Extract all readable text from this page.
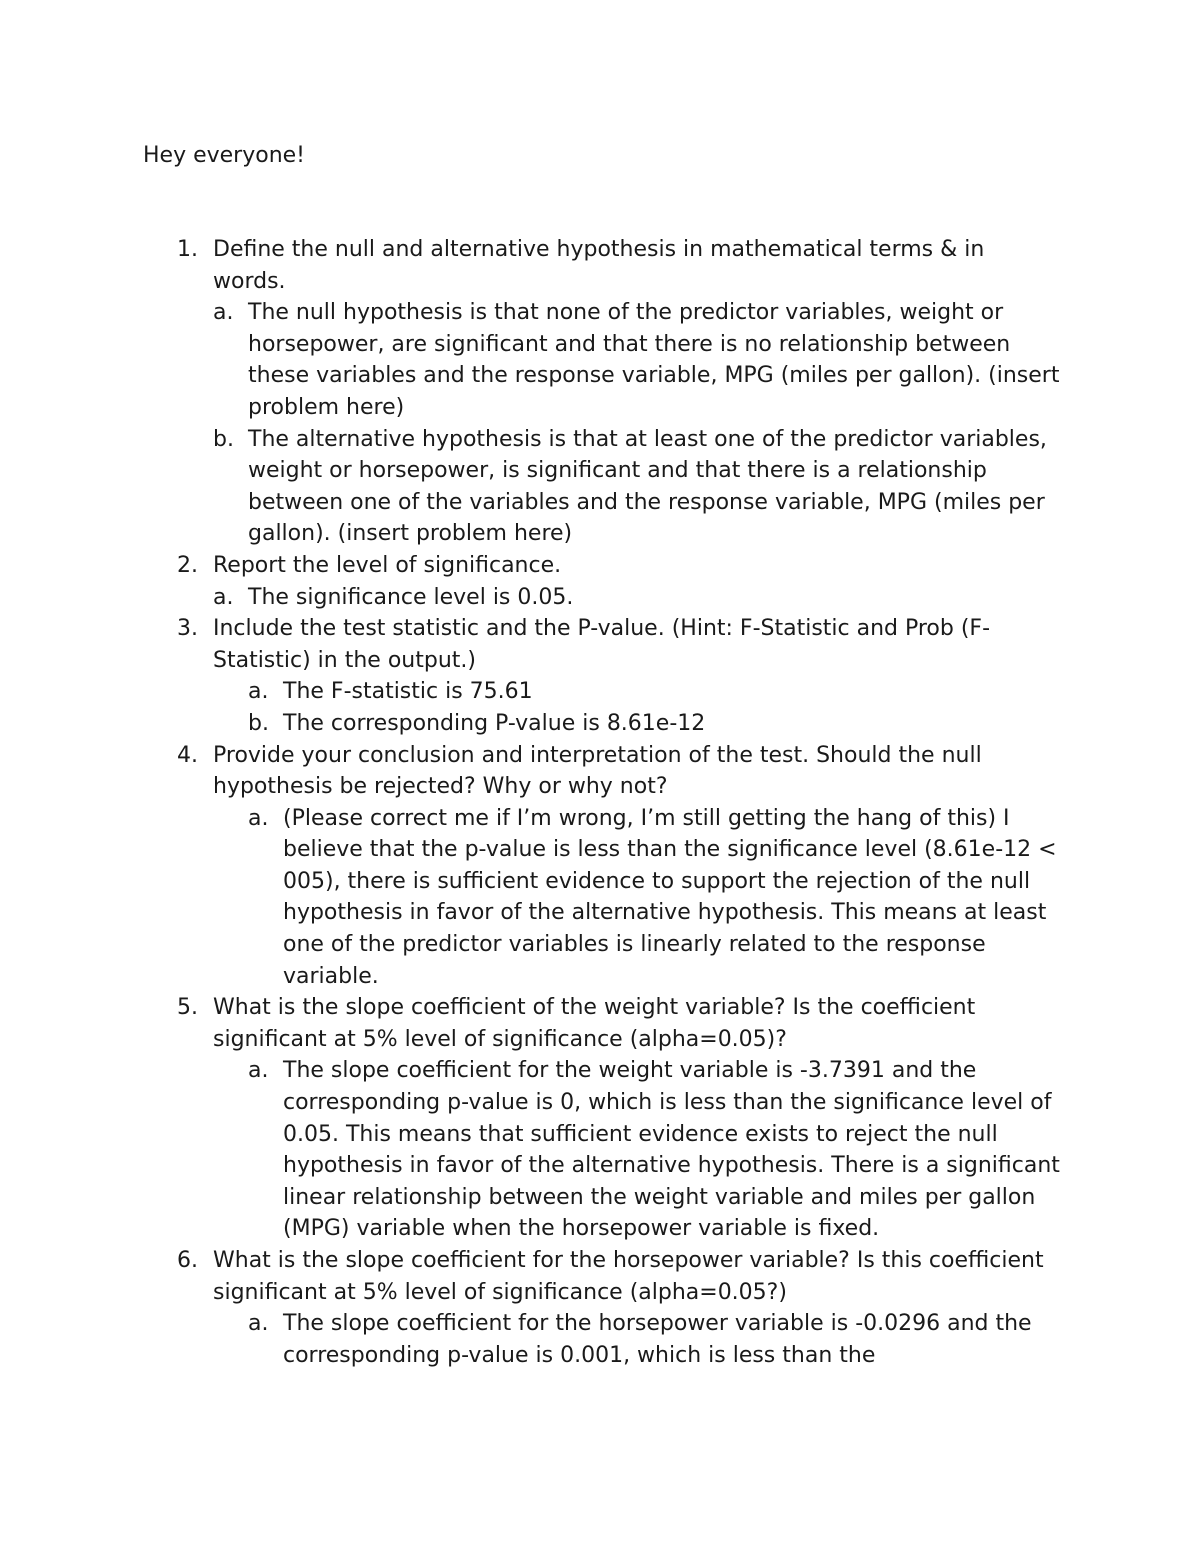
Hey everyone!

1. Define the null and alternative hypothesis in mathematical terms & in words.
a. The null hypothesis is that none of the predictor variables, weight or horsepower, are significant and that there is no relationship between these variables and the response variable, MPG (miles per gallon). (insert problem here)
b. The alternative hypothesis is that at least one of the predictor variables, weight or horsepower, is significant and that there is a relationship between one of the variables and the response variable, MPG (miles per gallon). (insert problem here)
2. Report the level of significance.
a. The significance level is 0.05.
3. Include the test statistic and the P-value. (Hint: F-Statistic and Prob (F-Statistic) in the output.)
a. The F-statistic is 75.61
b. The corresponding P-value is 8.61e-12
4. Provide your conclusion and interpretation of the test. Should the null hypothesis be rejected? Why or why not?
a. (Please correct me if I’m wrong, I’m still getting the hang of this) I believe that the p-value is less than the significance level (8.61e-12 < 005), there is sufficient evidence to support the rejection of the null hypothesis in favor of the alternative hypothesis. This means at least one of the predictor variables is linearly related to the response variable.
5. What is the slope coefficient of the weight variable? Is the coefficient significant at 5% level of significance (alpha=0.05)?
a. The slope coefficient for the weight variable is -3.7391 and the corresponding p-value is 0, which is less than the significance level of 0.05. This means that sufficient evidence exists to reject the null hypothesis in favor of the alternative hypothesis. There is a significant linear relationship between the weight variable and miles per gallon (MPG) variable when the horsepower variable is fixed.
6. What is the slope coefficient for the horsepower variable? Is this coefficient significant at 5% level of significance (alpha=0.05?)
a. The slope coefficient for the horsepower variable is -0.0296 and the corresponding p-value is 0.001, which is less than the
